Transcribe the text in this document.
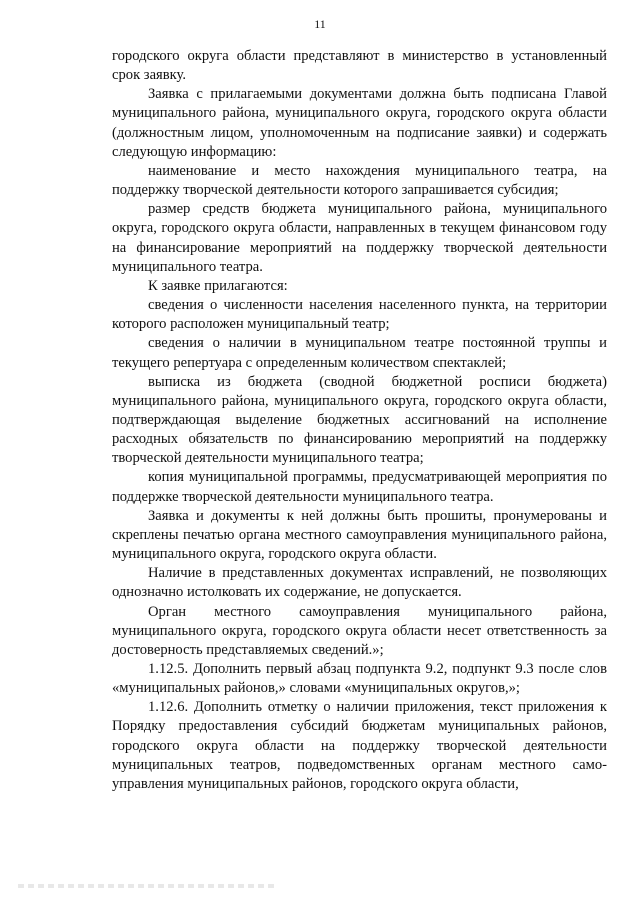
11

городского округа области представляют в министерство в установленный срок заявку.

Заявка с прилагаемыми документами должна быть подписана Главой муниципального района, муниципального округа, городского округа области (должностным лицом, уполномоченным на подписание заявки) и содержать следующую информацию:

наименование и место нахождения муниципального театра, на поддержку творческой деятельности которого запрашивается субсидия;

размер средств бюджета муниципального района, муниципального округа, городского округа области, направленных в текущем финансовом году на финансирование мероприятий на поддержку творческой деятельности муниципального театра.

К заявке прилагаются:

сведения о численности населения населенного пункта, на территории которого расположен муниципальный театр;

сведения о наличии в муниципальном театре постоянной труппы и текущего репертуара с определенным количеством спектаклей;

выписка из бюджета (сводной бюджетной росписи бюджета) муниципального района, муниципального округа, городского округа области, подтверждающая выделение бюджетных ассигнований на исполнение расходных обязательств по финансированию мероприятий на поддержку творческой деятельности муниципального театра;

копия муниципальной программы, предусматривающей мероприятия по поддержке творческой деятельности муниципального театра.

Заявка и документы к ней должны быть прошиты, пронумерованы и скреплены печатью органа местного самоуправления муниципального района, муниципального округа, городского округа области.

Наличие в представленных документах исправлений, не позволяющих однозначно истолковать их содержание, не допускается.

Орган местного самоуправления муниципального района, муниципального округа, городского округа области несет ответственность за достоверность представляемых сведений.»;

1.12.5. Дополнить первый абзац подпункта 9.2, подпункт 9.3 после слов «муниципальных районов,» словами «муниципальных округов,»;

1.12.6. Дополнить отметку о наличии приложения, текст приложения к Порядку предоставления субсидий бюджетам муниципальных районов, городского округа области на поддержку творческой деятельности муниципальных театров, подведомственных органам местного само-управления муниципальных районов, городского округа области,
